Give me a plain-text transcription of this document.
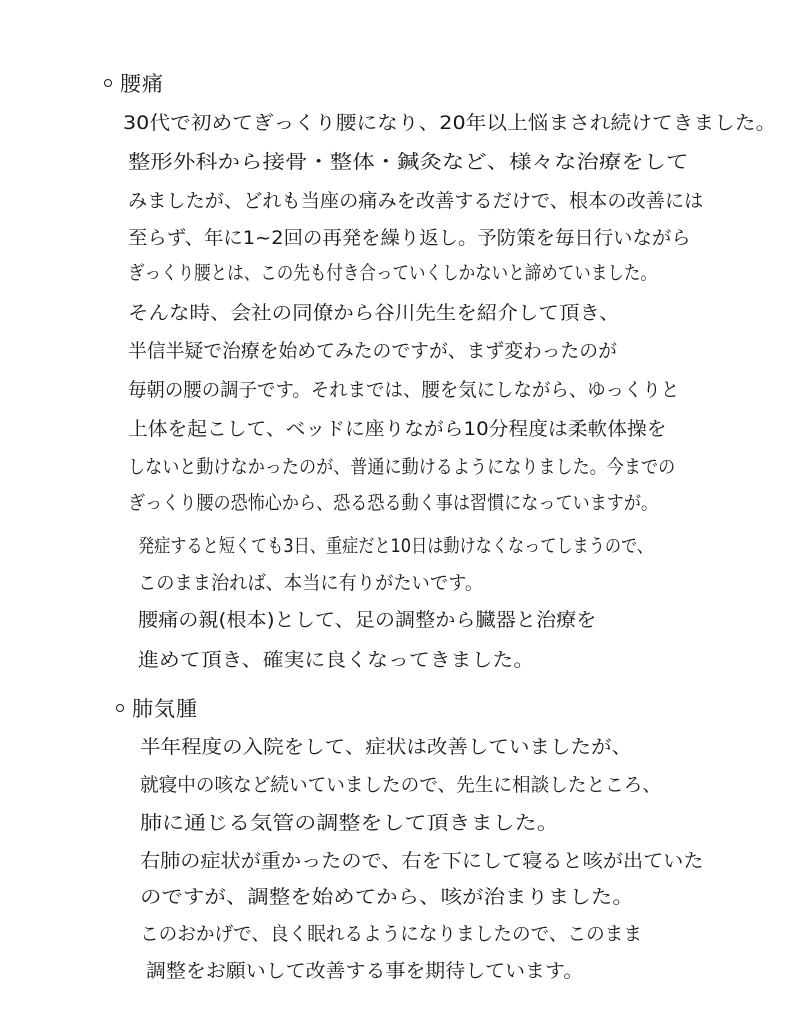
腰痛
30代で初めてぎっくり腰になり、20年以上悩まされ続けてきました。
整形外科から接骨・整体・鍼灸など、様々な治療をして
みましたが、どれも当座の痛みを改善するだけで、根本の改善には
至らず、年に1~2回の再発を繰り返し。予防策を毎日行いながら
ぎっくり腰とは、この先も付き合っていくしかないと諦めていました。
そんな時、会社の同僚から谷川先生を紹介して頂き、
半信半疑で治療を始めてみたのですが、まず変わったのが
毎朝の腰の調子です。それまでは、腰を気にしながら、ゆっくりと
上体を起こして、ベッドに座りながら10分程度は柔軟体操を
しないと動けなかったのが、普通に動けるようになりました。今までの
ぎっくり腰の恐怖心から、恐る恐る動く事は習慣になっていますが。
発症すると短くても3日、重症だと10日は動けなくなってしまうので、
このまま治れば、本当に有りがたいです。
腰痛の親(根本)として、足の調整から臓器と治療を
進めて頂き、確実に良くなってきました。
肺気腫
半年程度の入院をして、症状は改善していましたが、
就寝中の咳など続いていましたので、先生に相談したところ、
肺に通じる気管の調整をして頂きました。
右肺の症状が重かったので、右を下にして寝ると咳が出ていた
のですが、調整を始めてから、咳が治まりました。
このおかげで、良く眠れるようになりましたので、このまま
調整をお願いして改善する事を期待しています。
